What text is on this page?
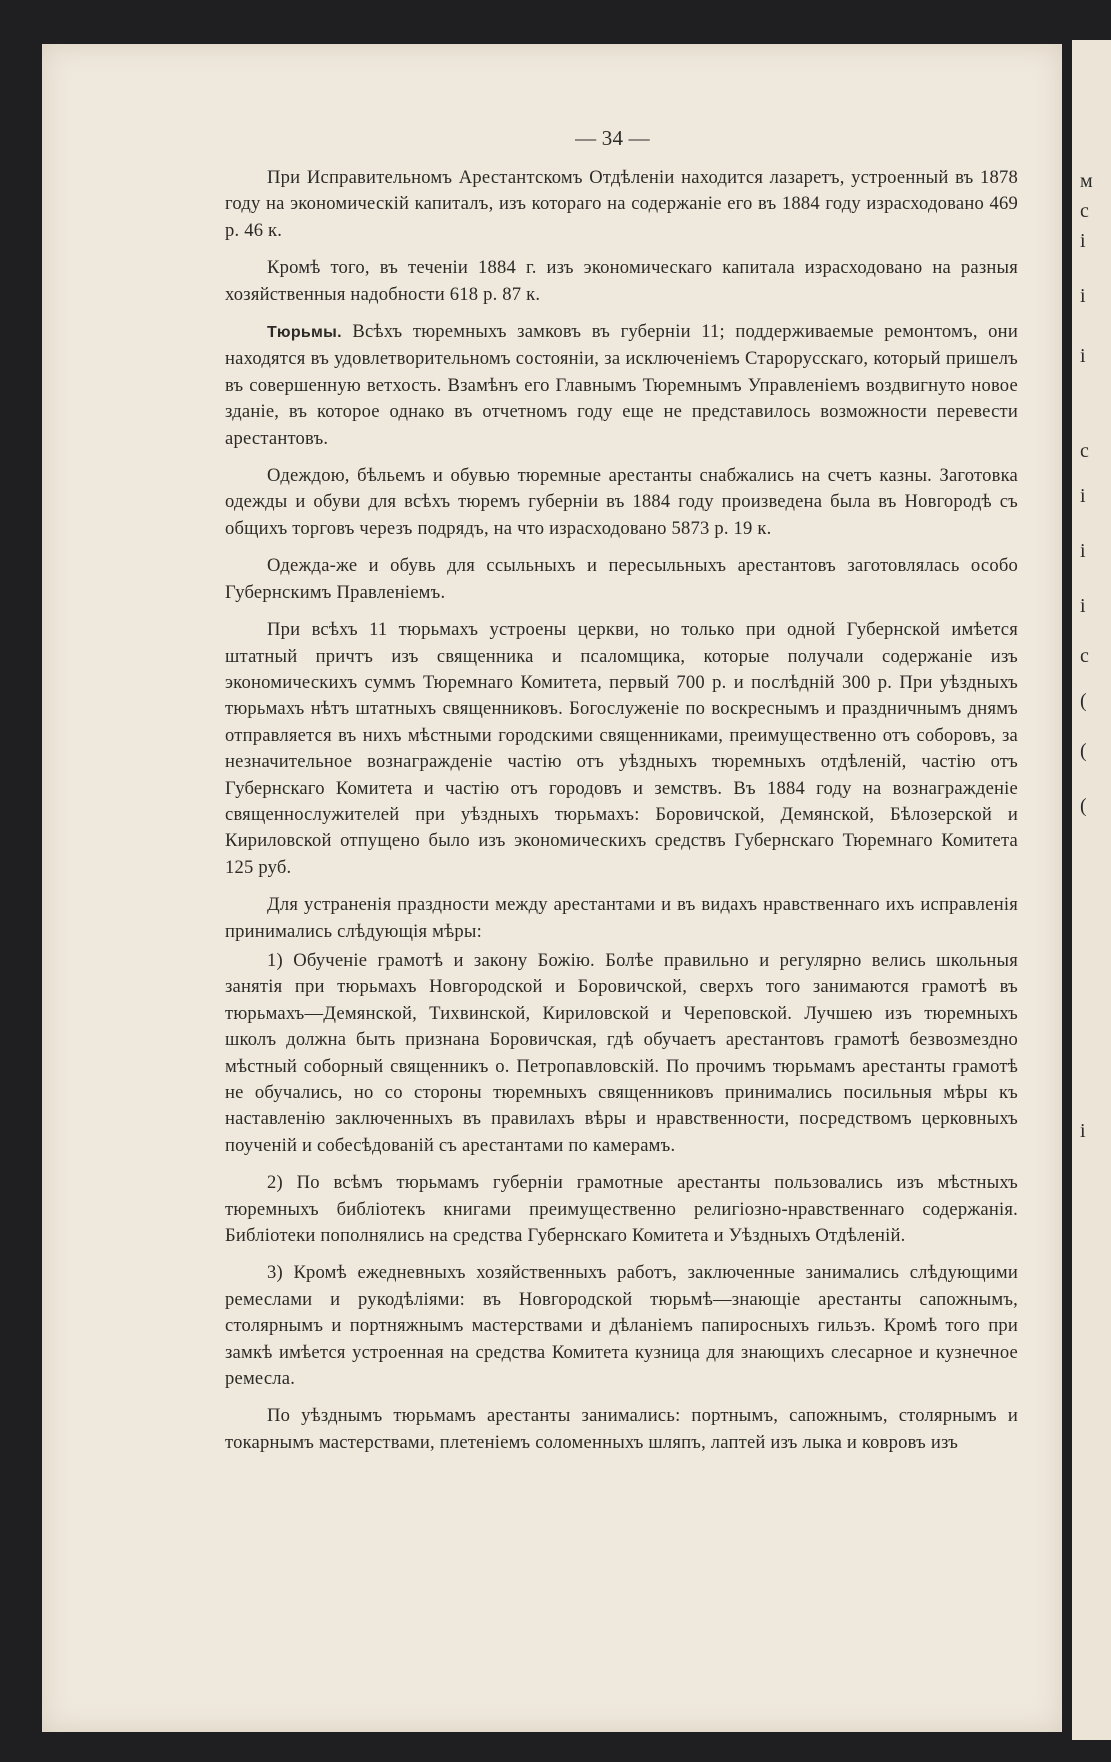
м
с
і
і
і
с
і
і
і
с
(
(
(
і
— 34 —

При Исправительномъ Арестантскомъ Отдѣленіи находится лазаретъ, устроенный въ 1878 году на экономическій капиталъ, изъ котораго на содержаніе его въ 1884 году израсходовано 469 р. 46 к.

Кромѣ того, въ теченіи 1884 г. изъ экономическаго капитала израсходовано на разныя хозяйственныя надобности 618 р. 87 к.

Тюрьмы. Всѣхъ тюремныхъ замковъ въ губерніи 11; поддерживаемые ремонтомъ, они находятся въ удовлетворительномъ состояніи, за исключеніемъ Старорусскаго, который пришелъ въ совершенную ветхость. Взамѣнъ его Главнымъ Тюремнымъ Управленіемъ воздвигнуто новое зданіе, въ которое однако въ отчетномъ году еще не представилось возможности перевести арестантовъ.

Одеждою, бѣльемъ и обувью тюремные арестанты снабжались на счетъ казны. Заготовка одежды и обуви для всѣхъ тюремъ губерніи въ 1884 году произведена была въ Новгородѣ съ общихъ торговъ черезъ подрядъ, на что израсходовано 5873 р. 19 к.

Одежда-же и обувь для ссыльныхъ и пересыльныхъ арестантовъ заготовлялась особо Губернскимъ Правленіемъ.

При всѣхъ 11 тюрьмахъ устроены церкви, но только при одной Губернской имѣется штатный причтъ изъ священника и псаломщика, которые получали содержаніе изъ экономическихъ суммъ Тюремнаго Комитета, первый 700 р. и послѣдній 300 р. При уѣздныхъ тюрьмахъ нѣтъ штатныхъ священниковъ. Богослуженіе по воскреснымъ и праздничнымъ днямъ отправляется въ нихъ мѣстными городскими священниками, преимущественно отъ соборовъ, за незначительное вознагражденіе частію отъ уѣздныхъ тюремныхъ отдѣленій, частію отъ Губернскаго Комитета и частію отъ городовъ и земствъ. Въ 1884 году на вознагражденіе священнослужителей при уѣздныхъ тюрьмахъ: Боровичской, Демянской, Бѣлозерской и Кириловской отпущено было изъ экономическихъ средствъ Губернскаго Тюремнаго Комитета 125 руб.

Для устраненія праздности между арестантами и въ видахъ нравственнаго ихъ исправленія принимались слѣдующія мѣры:

1) Обученіе грамотѣ и закону Божію. Болѣе правильно и регулярно велись школьныя занятія при тюрьмахъ Новгородской и Боровичской, сверхъ того занимаются грамотѣ въ тюрьмахъ—Демянской, Тихвинской, Кириловской и Череповской. Лучшею изъ тюремныхъ школъ должна быть признана Боровичская, гдѣ обучаетъ арестантовъ грамотѣ безвозмездно мѣстный соборный священникъ о. Петропавловскій. По прочимъ тюрьмамъ арестанты грамотѣ не обучались, но со стороны тюремныхъ священниковъ принимались посильныя мѣры къ наставленію заключенныхъ въ правилахъ вѣры и нравственности, посредствомъ церковныхъ поученій и собесѣдованій съ арестантами по камерамъ.

2) По всѣмъ тюрьмамъ губерніи грамотные арестанты пользовались изъ мѣстныхъ тюремныхъ библіотекъ книгами преимущественно религіозно-нравственнаго содержанія. Библіотеки пополнялись на средства Губернскаго Комитета и Уѣздныхъ Отдѣленій.

3) Кромѣ ежедневныхъ хозяйственныхъ работъ, заключенные занимались слѣдующими ремеслами и рукодѣліями: въ Новгородской тюрьмѣ—знающіе арестанты сапожнымъ, столярнымъ и портняжнымъ мастерствами и дѣланіемъ папиросныхъ гильзъ. Кромѣ того при замкѣ имѣется устроенная на средства Комитета кузница для знающихъ слесарное и кузнечное ремесла.

По уѣзднымъ тюрьмамъ арестанты занимались: портнымъ, сапожнымъ, столярнымъ и токарнымъ мастерствами, плетеніемъ соломенныхъ шляпъ, лаптей изъ лыка и ковровъ изъ
